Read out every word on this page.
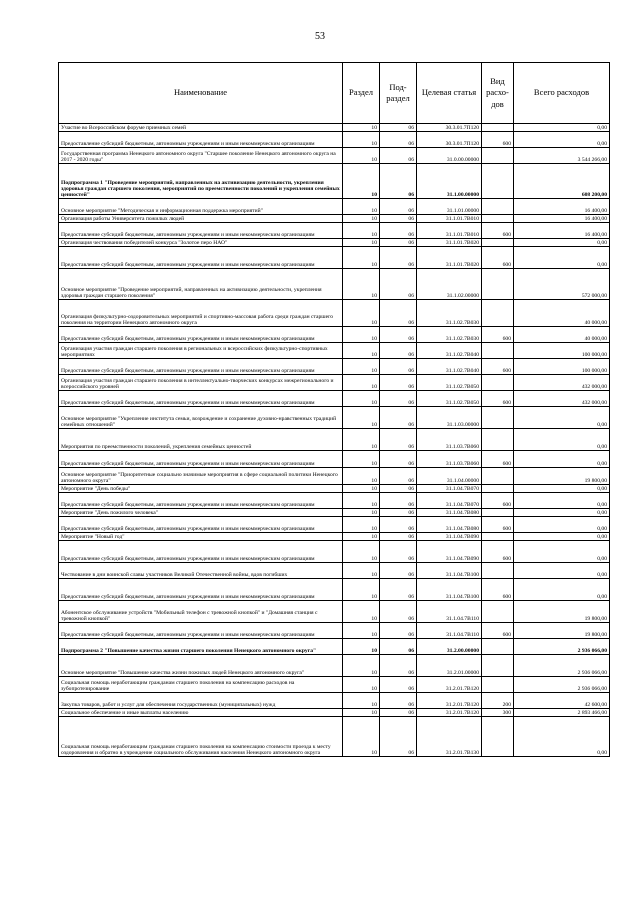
53
Наименование	Раздел	Под-раздел	Целевая статья	Вид расхо-дов	Всего расходов
Участие во Всероссийском форуме приемных семей	10	06	30.3.01.7П120		0,00
Предоставление субсидий бюджетным, автономным учреждениям и иным некоммерческим организациям	10	06	30.3.01.7П120	600	0,00
Государственная программа Ненецкого автономного округа "Старшее поколение Ненецкого автономного округа на 2017 - 2020 годы"	10	06	31.0.00.00000		3 544 266,00
Подпрограмма 1 "Проведение мероприятий, направленных на активизацию деятельности, укрепления здоровья граждан старшего поколения, мероприятий по преемственности поколений и укрепления семейных ценностей"	10	06	31.1.00.00000		608 200,00
Основное мероприятие "Методическая и информационная поддержка мероприятий"	10	06	31.1.01.00000		16 400,00
Организация работы Университета пожилых людей	10	06	31.1.01.7В010		16 400,00
Предоставление субсидий бюджетным, автономным учреждениям и иным некоммерческим организациям	10	06	31.1.01.7В010	600	16 400,00
Организация чествования победителей конкурса "Золотое перо НАО"	10	06	31.1.01.7В020		0,00
Предоставление субсидий бюджетным, автономным учреждениям и иным некоммерческим организациям	10	06	31.1.01.7В020	600	0,00
Основное мероприятие "Проведение мероприятий, направленных на активизацию деятельности, укрепления здоровья граждан старшего поколения"	10	06	31.1.02.00000		572 000,00
Организация физкультурно-оздоровительных мероприятий и спортивно-массовая работа среди граждан старшего поколения на территории Ненецкого автономного округа	10	06	31.1.02.7В030		40 000,00
Предоставление субсидий бюджетным, автономным учреждениям и иным некоммерческим организациям	10	06	31.1.02.7В030	600	40 000,00
Организация участия граждан старшего поколения в региональных и всероссийских физкультурно-спортивных мероприятиях	10	06	31.1.02.7В040		100 000,00
Предоставление субсидий бюджетным, автономным учреждениям и иным некоммерческим организациям	10	06	31.1.02.7В040	600	100 000,00
Организация участия граждан старшего поколения в интеллектуально-творческих конкурсах межрегионального и всероссийского уровней	10	06	31.1.02.7В050		432 000,00
Предоставление субсидий бюджетным, автономным учреждениям и иным некоммерческим организациям	10	06	31.1.02.7В050	600	432 000,00
Основное мероприятие "Укрепление института семьи, возрождение и сохранение духовно-нравственных традиций семейных отношений"	10	06	31.1.03.00000		0,00
Мероприятия по преемственности поколений, укрепления семейных ценностей	10	06	31.1.03.7В060		0,00
Предоставление субсидий бюджетным, автономным учреждениям и иным некоммерческим организациям	10	06	31.1.03.7В060	600	0,00
Основное мероприятие "Приоритетные социально значимые мероприятия в сфере социальной политики Ненецкого автономного округа"	10	06	31.1.04.00000		19 800,00
Мероприятие "День победы"	10	06	31.1.04.7В070		0,00
Предоставление субсидий бюджетным, автономным учреждениям и иным некоммерческим организациям	10	06	31.1.04.7В070	600	0,00
Мероприятие "День пожилого человека"	10	06	31.1.04.7В080		0,00
Предоставление субсидий бюджетным, автономным учреждениям и иным некоммерческим организациям	10	06	31.1.04.7В080	600	0,00
Мероприятие "Новый год"	10	06	31.1.04.7В090		0,00
Предоставление субсидий бюджетным, автономным учреждениям и иным некоммерческим организациям	10	06	31.1.04.7В090	600	0,00
Чествование в дни воинской славы участников Великой Отечественной войны, вдов погибших	10	06	31.1.04.7В100		0,00
Предоставление субсидий бюджетным, автономным учреждениям и иным некоммерческим организациям	10	06	31.1.04.7В100	600	0,00
Абонентское обслуживание устройств "Мобильный телефон с тревожной кнопкой" и "Домашняя станция с тревожной кнопкой"	10	06	31.1.04.7В110		19 800,00
Предоставление субсидий бюджетным, автономным учреждениям и иным некоммерческим организациям	10	06	31.1.04.7В110	600	19 800,00
Подпрограмма 2 "Повышение качества жизни старшего поколения Ненецкого автономного округа"	10	06	31.2.00.00000		2 936 066,00
Основное мероприятие "Повышение качества жизни пожилых людей Ненецкого автономного округа"	10	06	31.2.01.00000		2 936 066,00
Социальная помощь неработающим гражданам старшего поколения на компенсацию расходов на зубопротезирование	10	06	31.2.01.7В120		2 936 066,00
Закупка товаров, работ и услуг для обеспечения государственных (муниципальных) нужд	10	06	31.2.01.7В120	200	42 600,00
Социальное обеспечение и иные выплаты населению	10	06	31.2.01.7В120	300	2 893 466,00
Социальная помощь неработающим гражданам старшего поколения на компенсацию стоимости проезда к месту оздоровления и обратно в учреждение социального обслуживания населения Ненецкого автономного округа	10	06	31.2.01.7В130		0,00
